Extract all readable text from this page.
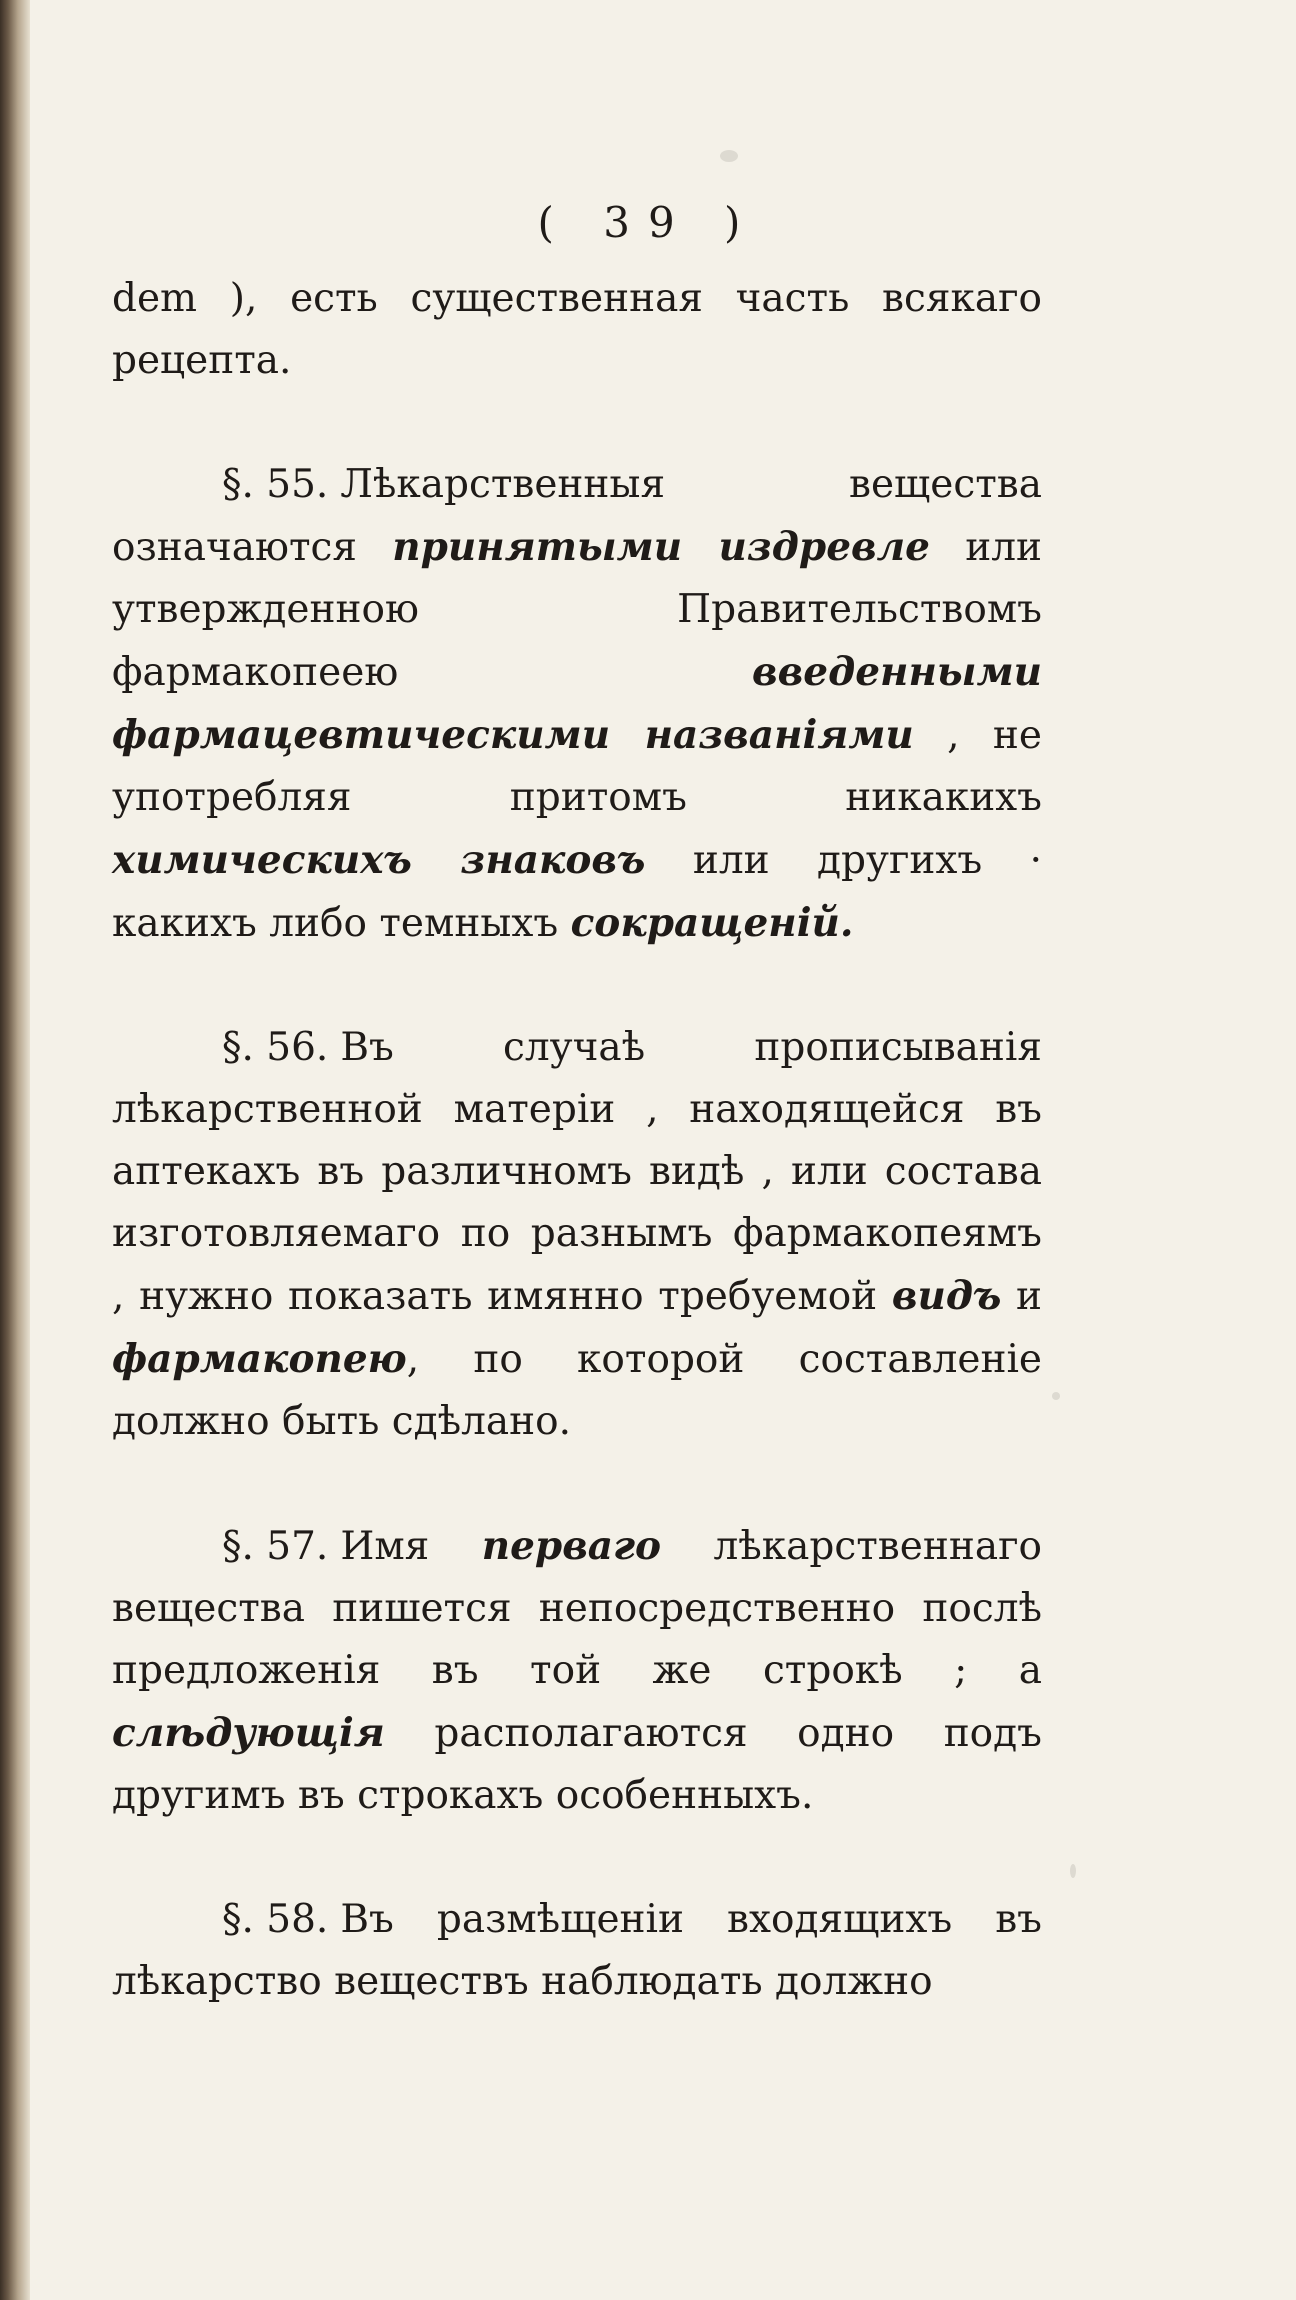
( 39 )

dem ), есть существенная часть всякаго рецепта.

§. 55. Лѣкарственныя вещества означаются принятыми издревле или утвержденною Правительствомъ фармакопеею введенными фармацевтическими названіями , не употребляя притомъ никакихъ химическихъ знаковъ или другихъ · какихъ либо темныхъ сокращеній.

§. 56. Въ случаѣ прописыванія лѣкарственной матеріи , находящейся въ аптекахъ въ различномъ видѣ , или состава изготовляемаго по разнымъ фармакопеямъ , нужно показать имянно требуемой видъ и фармакопею, по которой составленіе должно быть сдѣлано.

§. 57. Имя перваго лѣкарственнаго вещества пишется непосредственно послѣ предложенія въ той же строкѣ ; а слѣдующія располагаются одно подъ другимъ въ строкахъ особенныхъ.

§. 58. Въ размѣщеніи входящихъ въ лѣкарство веществъ наблюдать должно
